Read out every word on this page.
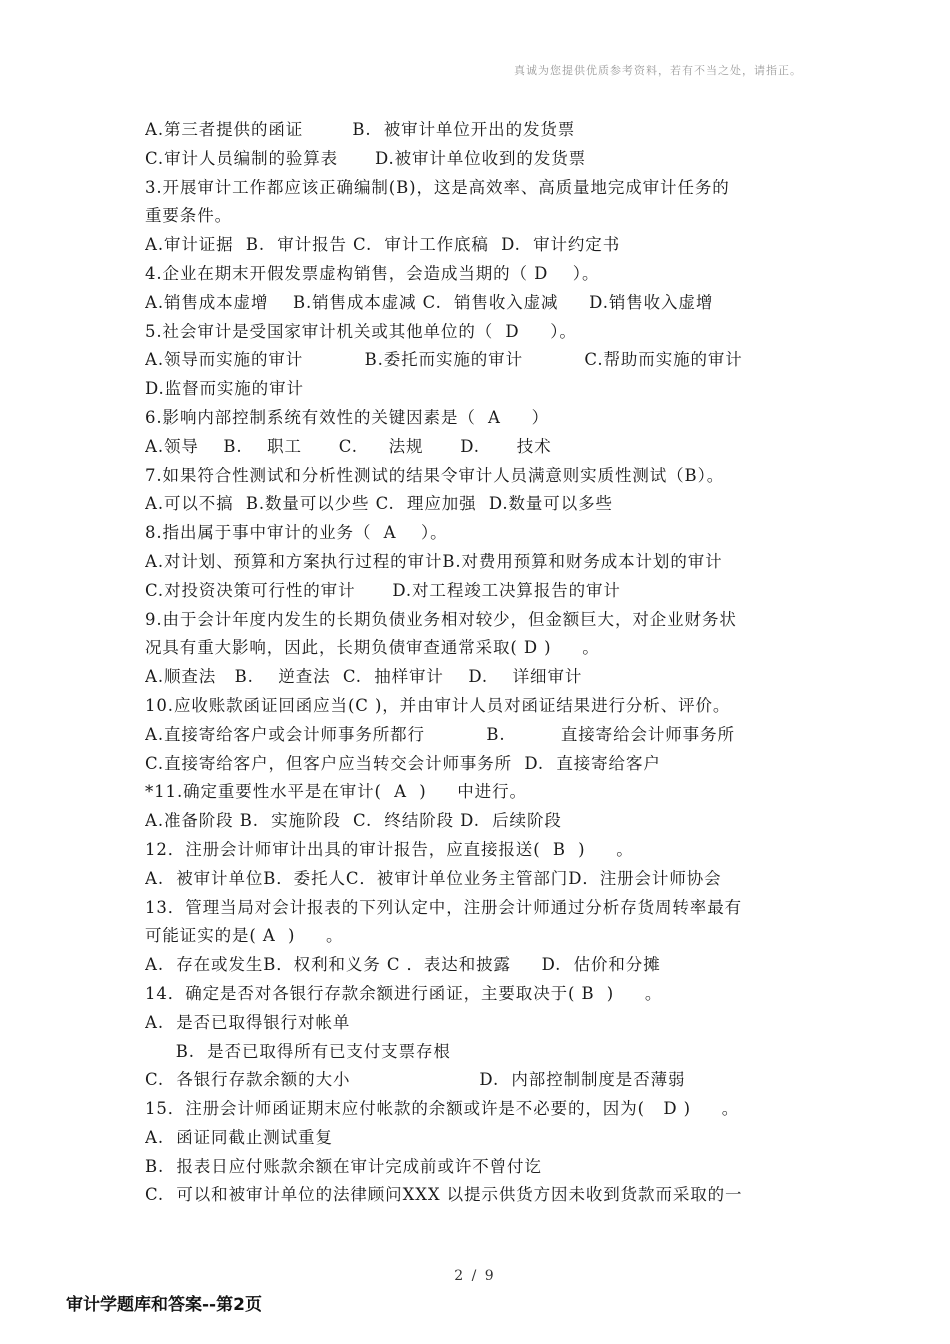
真诚为您提供优质参考资料，若有不当之处，请指正。
A.第三者提供的函证        B.  被审计单位开出的发货票
C.审计人员编制的验算表      D.被审计单位收到的发货票
3.开展审计工作都应该正确编制(B)，这是高效率、高质量地完成审计任务的
重要条件。
A.审计证据  B.  审计报告 C.  审计工作底稿  D.  审计约定书
4.企业在期末开假发票虚构销售，会造成当期的（ D    ）。
A.销售成本虚增    B.销售成本虚减 C.  销售收入虚减     D.销售收入虚增
5.社会审计是受国家审计机关或其他单位的（  D     ）。
A.领导而实施的审计          B.委托而实施的审计          C.帮助而实施的审计
D.监督而实施的审计
6.影响内部控制系统有效性的关键因素是（  A     ）
A.领导    B.    职工      C.     法规      D.      技术
7.如果符合性测试和分析性测试的结果令审计人员满意则实质性测试（B）。
A.可以不搞  B.数量可以少些 C.  理应加强  D.数量可以多些
8.指出属于事中审计的业务（  A    ）。
A.对计划、预算和方案执行过程的审计B.对费用预算和财务成本计划的审计
C.对投资决策可行性的审计      D.对工程竣工决算报告的审计
9.由于会计年度内发生的长期负债业务相对较少，但金额巨大，对企业财务状
况具有重大影响，因此，长期负债审查通常采取( D )     。
A.顺查法   B.    逆查法  C.  抽样审计    D.    详细审计
10.应收账款函证回函应当(C )，并由审计人员对函证结果进行分析、评价。
A.直接寄给客户或会计师事务所都行          B.         直接寄给会计师事务所
C.直接寄给客户，但客户应当转交会计师事务所  D.  直接寄给客户
*11.确定重要性水平是在审计(  A  )     中进行。
A.准备阶段 B.  实施阶段  C.  终结阶段 D.  后续阶段
12．注册会计师审计出具的审计报告，应直接报送(  B  )     。
A.  被审计单位B．委托人C．被审计单位业务主管部门D．注册会计师协会
13．管理当局对会计报表的下列认定中，注册会计师通过分析存货周转率最有
可能证实的是( A  )     。
A.  存在或发生B．权利和义务 C ．表达和披露     D.  估价和分摊
14．确定是否对各银行存款余额进行函证，主要取决于( B  )     。
A.  是否已取得银行对帐单
B.  是否已取得所有已支付支票存根
C.  各银行存款余额的大小                     D.  内部控制制度是否薄弱
15．注册会计师函证期末应付帐款的余额或许是不必要的，因为(   D )     。
A.  函证同截止测试重复
B.  报表日应付账款余额在审计完成前或许不曾付讫
C.  可以和被审计单位的法律顾问XXX 以提示供货方因未收到货款而采取的一
2 / 9
审计学题库和答案--第2页
